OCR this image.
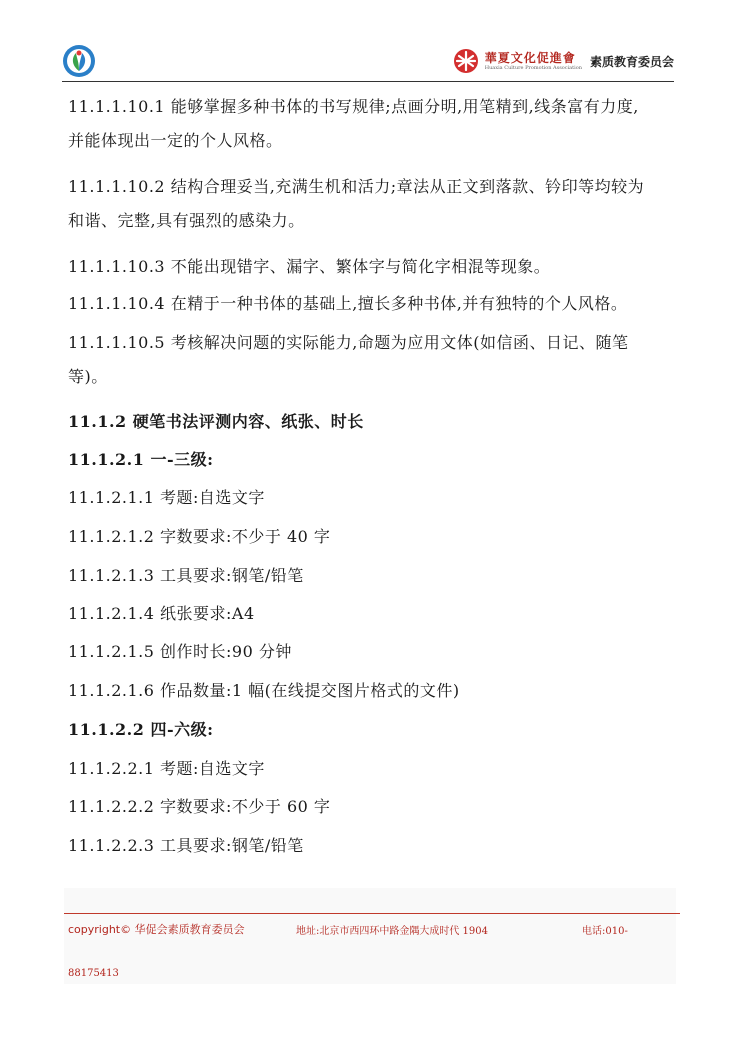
華夏文化促進會
Huaxia Culture Promotion Association 素质教育委员会
11.1.1.10.1 能够掌握多种书体的书写规律;点画分明,用笔精到,线条富有力度,
并能体现出一定的个人风格。
11.1.1.10.2 结构合理妥当,充满生机和活力;章法从正文到落款、钤印等均较为
和谐、完整,具有强烈的感染力。
11.1.1.10.3 不能出现错字、漏字、繁体字与简化字相混等现象。
11.1.1.10.4 在精于一种书体的基础上,擅长多种书体,并有独特的个人风格。
11.1.1.10.5 考核解决问题的实际能力,命题为应用文体(如信函、日记、随笔
等)。
11.1.2 硬笔书法评测内容、纸张、时长
11.1.2.1 一-三级:
11.1.2.1.1 考题:自选文字
11.1.2.1.2 字数要求:不少于 40 字
11.1.2.1.3 工具要求:钢笔/铅笔
11.1.2.1.4 纸张要求:A4
11.1.2.1.5 创作时长:90 分钟
11.1.2.1.6 作品数量:1 幅(在线提交图片格式的文件)
11.1.2.2 四-六级:
11.1.2.2.1 考题:自选文字
11.1.2.2.2 字数要求:不少于 60 字
11.1.2.2.3 工具要求:钢笔/铅笔
copyright© 华促会素质教育委员会	地址:北京市西四环中路金隅大成时代 1904	电话:010-
88175413
